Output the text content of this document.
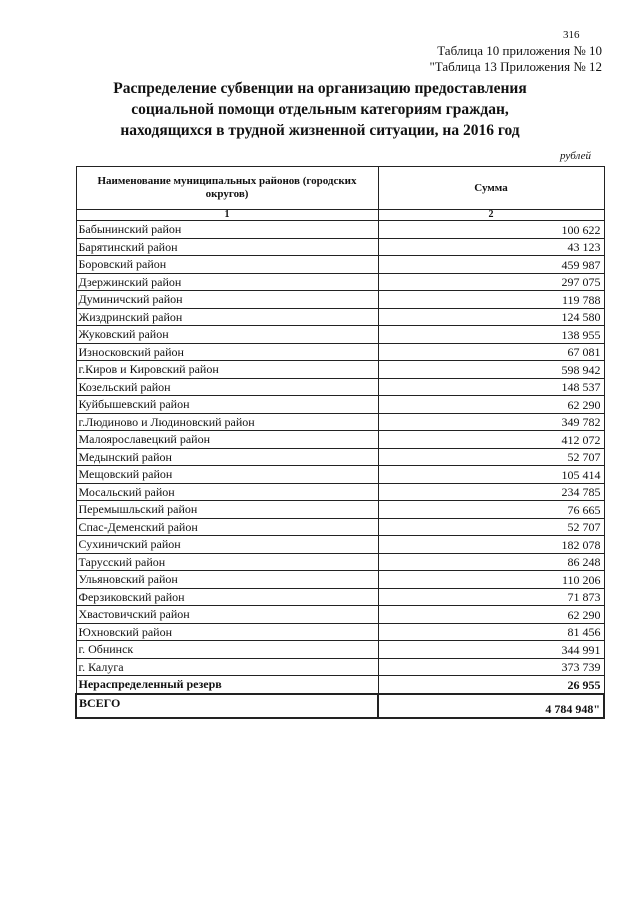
316
Таблица 10 приложения № 10
"Таблица 13 Приложения № 12
Распределение субвенции на организацию предоставления
социальной помощи отдельным категориям граждан,
находящихся в трудной жизненной ситуации, на 2016 год
рублей
Наименование муниципальных районов (городских округов)	Сумма
1	2
Бабынинский район	100 622
Барятинский район	43 123
Боровский район	459 987
Дзержинский район	297 075
Думиничский район	119 788
Жиздринский район	124 580
Жуковский район	138 955
Износковский район	67 081
г.Киров и Кировский район	598 942
Козельский район	148 537
Куйбышевский район	62 290
г.Людиново и Людиновский район	349 782
Малоярославецкий район	412 072
Медынский район	52 707
Мещовский район	105 414
Мосальский район	234 785
Перемышльский район	76 665
Спас-Деменский район	52 707
Сухиничский район	182 078
Тарусский район	86 248
Ульяновский район	110 206
Ферзиковский район	71 873
Хвастовичский район	62 290
Юхновский район	81 456
г. Обнинск	344 991
г. Калуга	373 739
Нераспределенный резерв	26 955
ВСЕГО	4 784 948"
